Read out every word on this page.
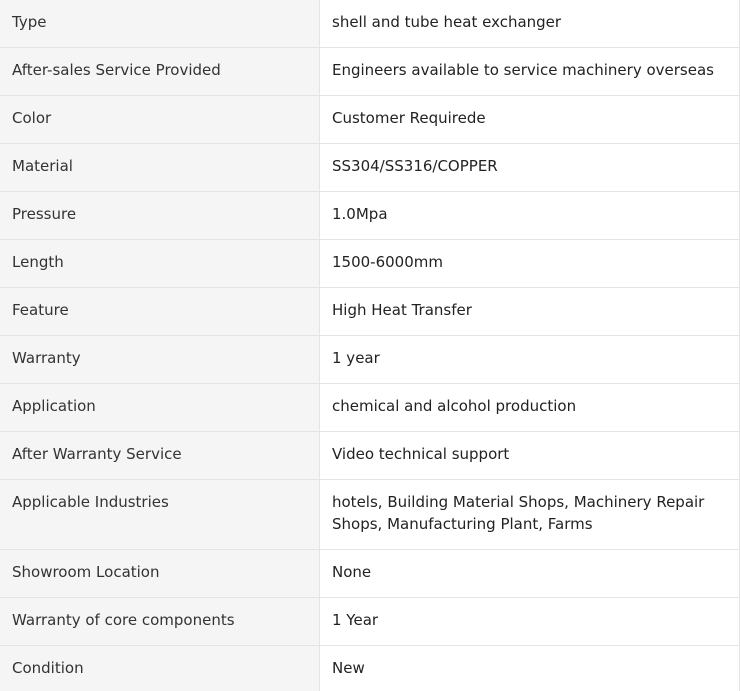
Type	shell and tube heat exchanger
After-sales Service Provided	Engineers available to service machinery overseas
Color	Customer Requirede
Material	SS304/SS316/COPPER
Pressure	1.0Mpa
Length	1500-6000mm
Feature	High Heat Transfer
Warranty	1 year
Application	chemical and alcohol production
After Warranty Service	Video technical support
Applicable Industries	hotels, Building Material Shops, Machinery Repair Shops, Manufacturing Plant, Farms
Showroom Location	None
Warranty of core components	1 Year
Condition	New
